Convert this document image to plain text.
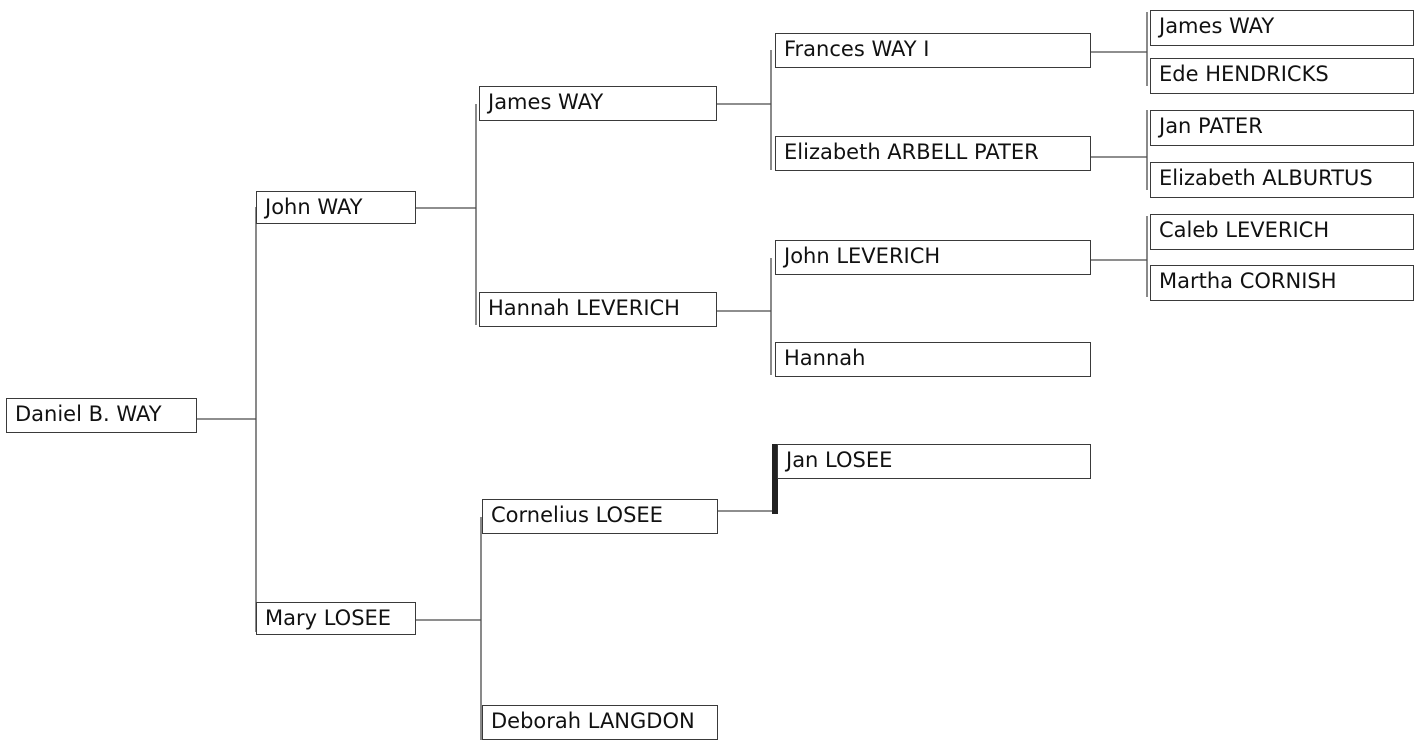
Daniel B. WAY
John WAY
Mary LOSEE
James WAY
Hannah LEVERICH
Cornelius LOSEE
Deborah LANGDON
Frances WAY I
Elizabeth ARBELL PATER
John LEVERICH
Hannah
Jan LOSEE
James WAY
Ede HENDRICKS
Jan PATER
Elizabeth ALBURTUS
Caleb LEVERICH
Martha CORNISH
